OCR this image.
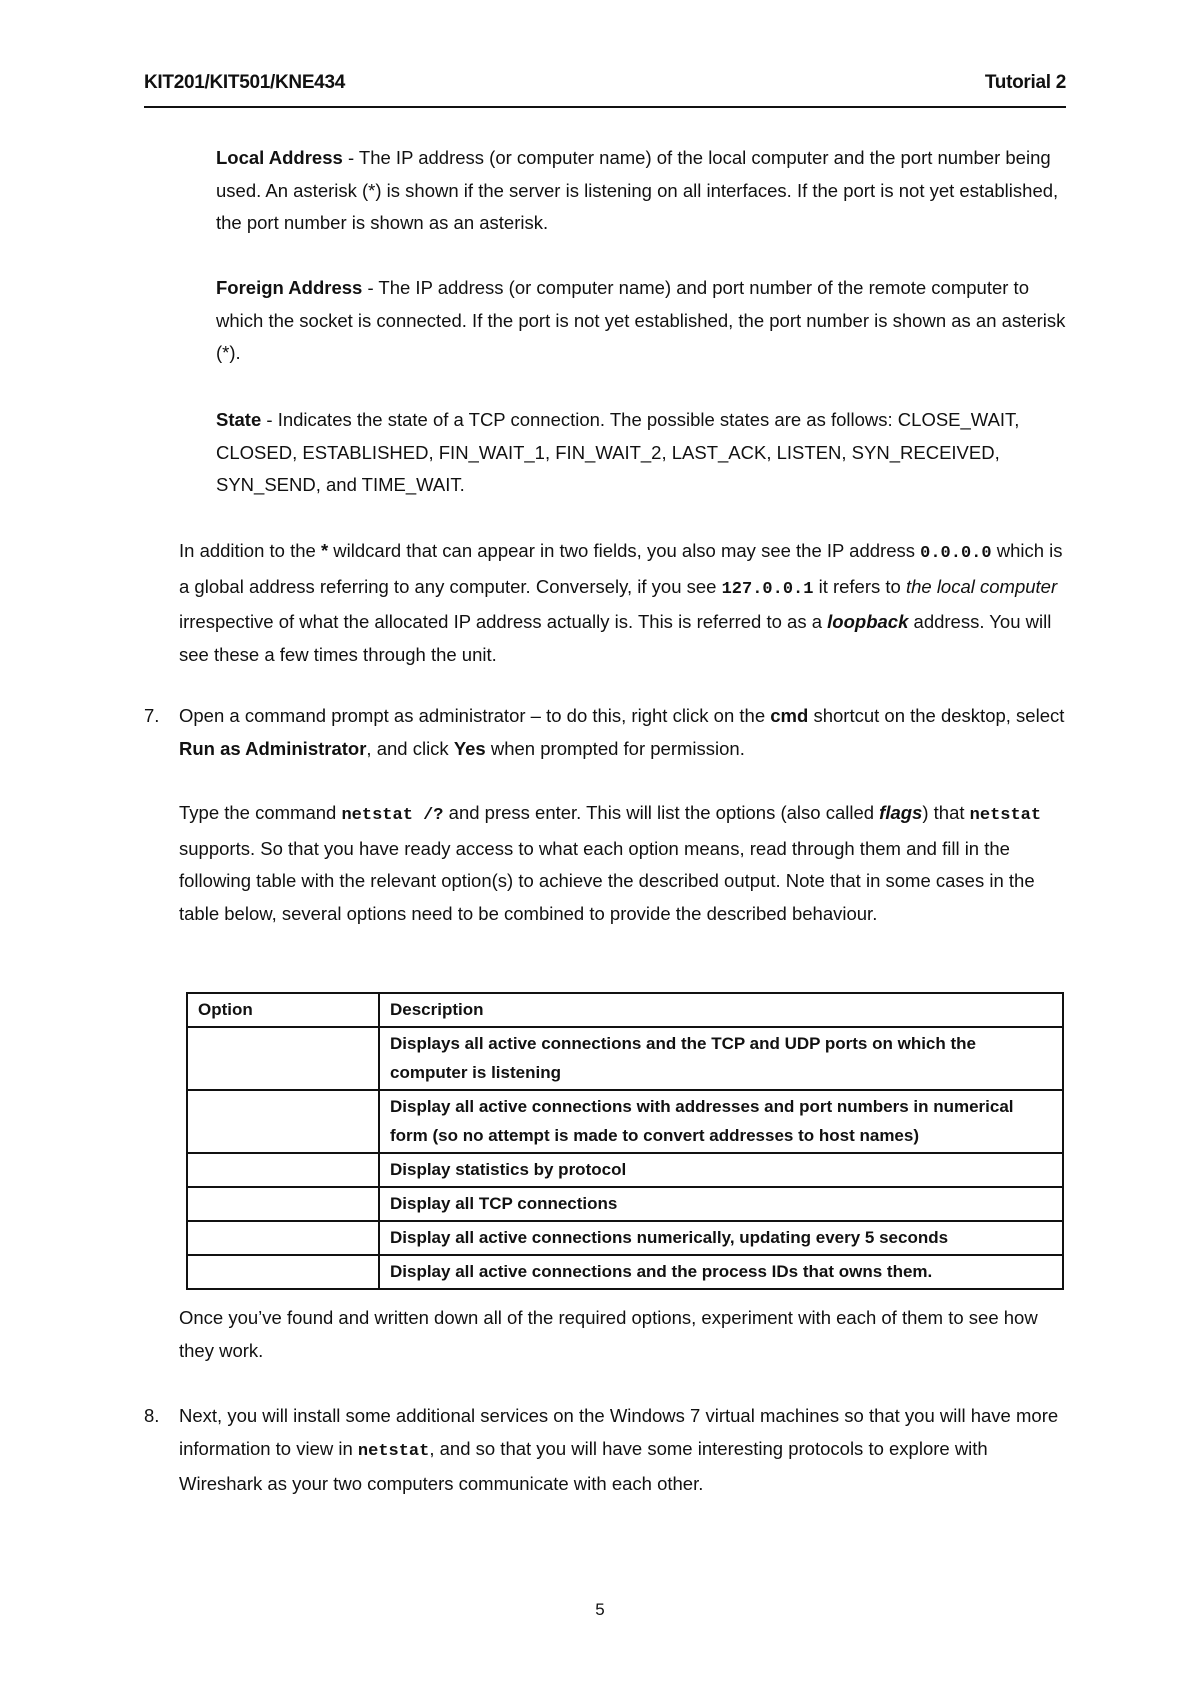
KIT201/KIT501/KNE434	Tutorial 2

Local Address - The IP address (or computer name) of the local computer and the port number being used. An asterisk (*) is shown if the server is listening on all interfaces. If the port is not yet established, the port number is shown as an asterisk.

Foreign Address - The IP address (or computer name) and port number of the remote computer to which the socket is connected. If the port is not yet established, the port number is shown as an asterisk (*).

State - Indicates the state of a TCP connection. The possible states are as follows: CLOSE_WAIT, CLOSED, ESTABLISHED, FIN_WAIT_1, FIN_WAIT_2, LAST_ACK, LISTEN, SYN_RECEIVED, SYN_SEND, and TIME_WAIT.

In addition to the * wildcard that can appear in two fields, you also may see the IP address 0.0.0.0 which is a global address referring to any computer. Conversely, if you see 127.0.0.1 it refers to the local computer irrespective of what the allocated IP address actually is. This is referred to as a loopback address. You will see these a few times through the unit.

7. Open a command prompt as administrator – to do this, right click on the cmd shortcut on the desktop, select Run as Administrator, and click Yes when prompted for permission.

Type the command netstat /? and press enter. This will list the options (also called flags) that netstat supports. So that you have ready access to what each option means, read through them and fill in the following table with the relevant option(s) to achieve the described output. Note that in some cases in the table below, several options need to be combined to provide the described behaviour.

Option	Description
	Displays all active connections and the TCP and UDP ports on which the computer is listening
	Display all active connections with addresses and port numbers in numerical form (so no attempt is made to convert addresses to host names)
	Display statistics by protocol
	Display all TCP connections
	Display all active connections numerically, updating every 5 seconds
	Display all active connections and the process IDs that owns them.

Once you’ve found and written down all of the required options, experiment with each of them to see how they work.

8. Next, you will install some additional services on the Windows 7 virtual machines so that you will have more information to view in netstat, and so that you will have some interesting protocols to explore with Wireshark as your two computers communicate with each other.

5
